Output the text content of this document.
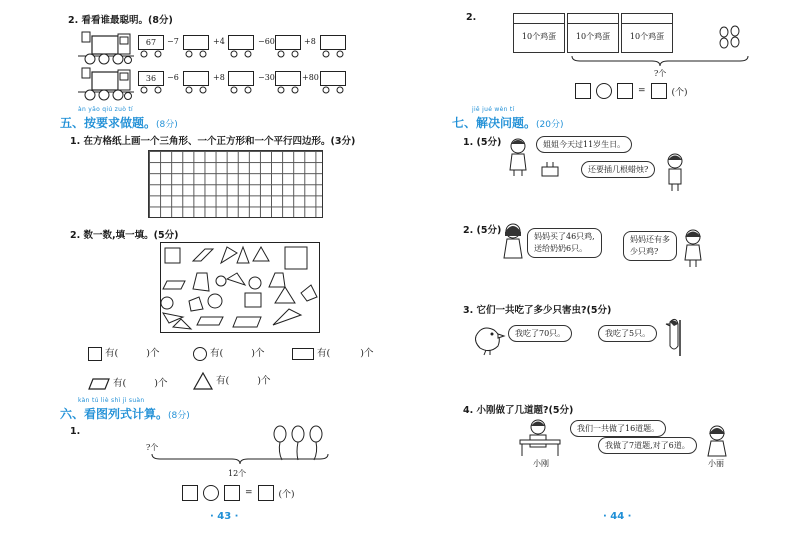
2. 看看谁最聪明。(8分)
67	−7	+4	−60	+8
36	−6	+8	−30	+80
àn yāo qiú zuò tí
五、按要求做题。(8分)
1. 在方格纸上画一个三角形、一个正方形和一个平行四边形。(3分)
2. 数一数,填一填。(5分)
有(	)个	有(	)个	有(	)个
有(	)个	有(	)个
kàn tú liè shì jì suàn
六、看图列式计算。(8分)
1.
?个
12个
=	(个)
· 43 ·
2.
10个鸡蛋	10个鸡蛋	10个鸡蛋
?个
=	(个)
jiě jué wèn tí
七、解决问题。(20分)
1. (5分)	姐姐今天过11岁生日。
还要插几根蜡烛?
2. (5分)
妈妈买了46只鸡,
送给奶奶6只。
妈妈还有多
少只鸡?
3. 它们一共吃了多少只害虫?(5分)
我吃了70只。	我吃了5只。
4. 小刚做了几道题?(5分)
小刚
我们一共做了16道题。
我做了7道题,对了6道。
小丽
· 44 ·
